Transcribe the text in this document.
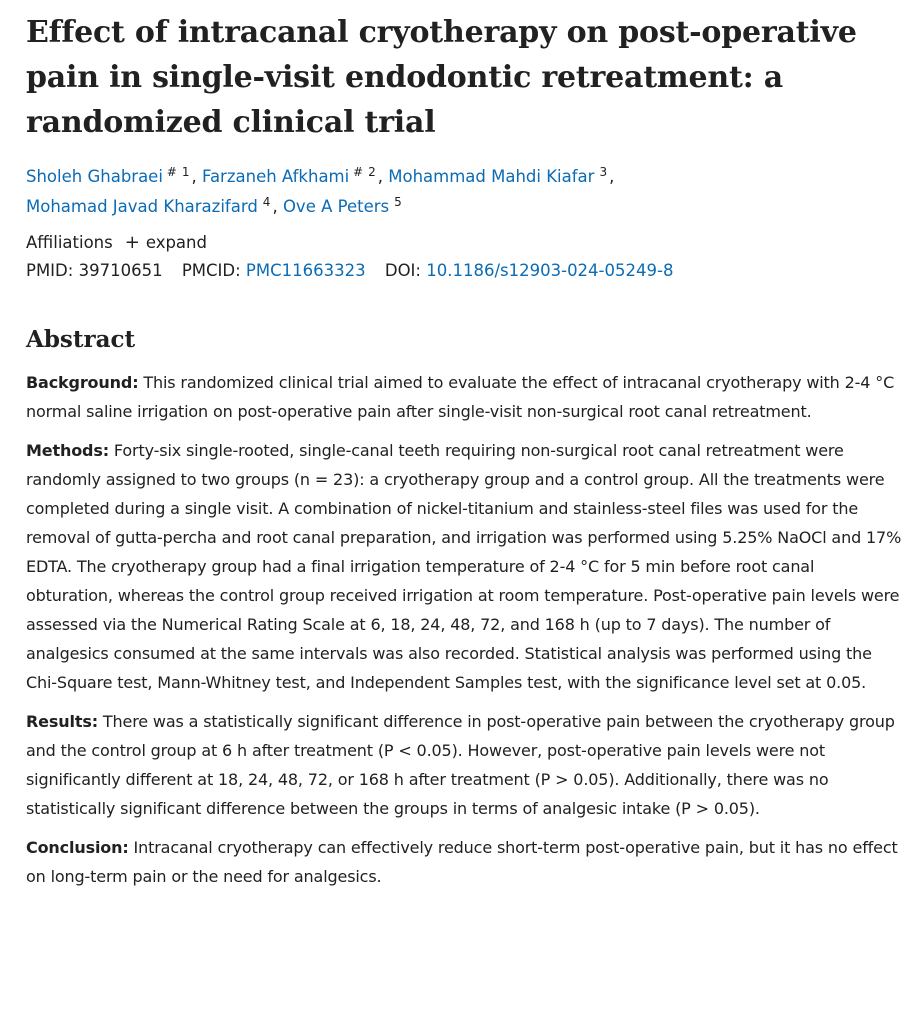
Effect of intracanal cryotherapy on post-operative pain in single-visit endodontic retreatment: a randomized clinical trial
Sholeh Ghabraei $^{\# 1}$ , Farzaneh Afkhami $^{\# 2}$ , Mohammad Mahdi Kiafar $^3$ ,
Mohamad Javad Kharazifard $^4$ , Ove A Peters $^5$
Affiliations + expand
PMID: 39710651 PMCID: PMC11663323 DOI: 10.1186/s12903-024-05249-8
Abstract

Background: This randomized clinical trial aimed to evaluate the effect of intracanal cryotherapy with 2-4 °C normal saline irrigation on post-operative pain after single-visit non-surgical root canal retreatment.

Methods: Forty-six single-rooted, single-canal teeth requiring non-surgical root canal retreatment were randomly assigned to two groups (n = 23): a cryotherapy group and a control group. All the treatments were completed during a single visit. A combination of nickel-titanium and stainless-steel files was used for the removal of gutta-percha and root canal preparation, and irrigation was performed using 5.25% NaOCl and 17% EDTA. The cryotherapy group had a final irrigation temperature of 2-4 °C for 5 min before root canal obturation, whereas the control group received irrigation at room temperature. Post-operative pain levels were assessed via the Numerical Rating Scale at 6, 18, 24, 48, 72, and 168 h (up to 7 days). The number of analgesics consumed at the same intervals was also recorded. Statistical analysis was performed using the Chi-Square test, Mann-Whitney test, and Independent Samples test, with the significance level set at 0.05.

Results: There was a statistically significant difference in post-operative pain between the cryotherapy group and the control group at 6 h after treatment (P < 0.05). However, post-operative pain levels were not significantly different at 18, 24, 48, 72, or 168 h after treatment (P > 0.05). Additionally, there was no statistically significant difference between the groups in terms of analgesic intake (P > 0.05).

Conclusion: Intracanal cryotherapy can effectively reduce short-term post-operative pain, but it has no effect on long-term pain or the need for analgesics.
